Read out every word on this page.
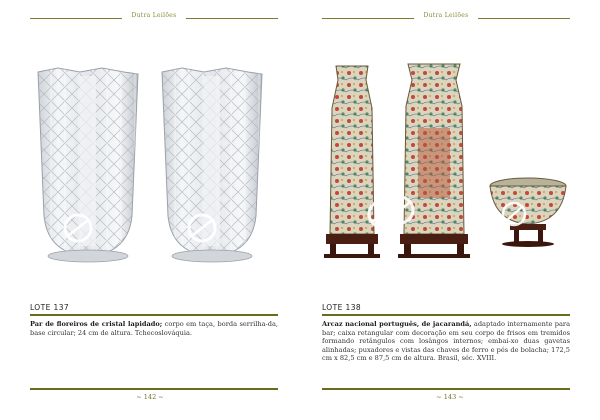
Dutra Leilões
LOTE 137
Par de floreiros de cristal lapidado; corpo em taça, borda serrilha-da, base circular; 24 cm de altura. Tchecoslováquia.
~ 142 ~
Dutra Leilões
LOTE 138
Arcaz nacional português, de jacarandá, adaptado internamente para bar; caixa retangular com decoração em seu corpo de frisos em tremidos formando retângulos com losângos internos; embai-xo duas gavetas alinhadas; puxadores e vistas das chaves de ferro e pés de bolacha; 172,5 cm x 82,5 cm e 87,5 cm de altura. Brasil, séc. XVIII.
~ 143 ~
